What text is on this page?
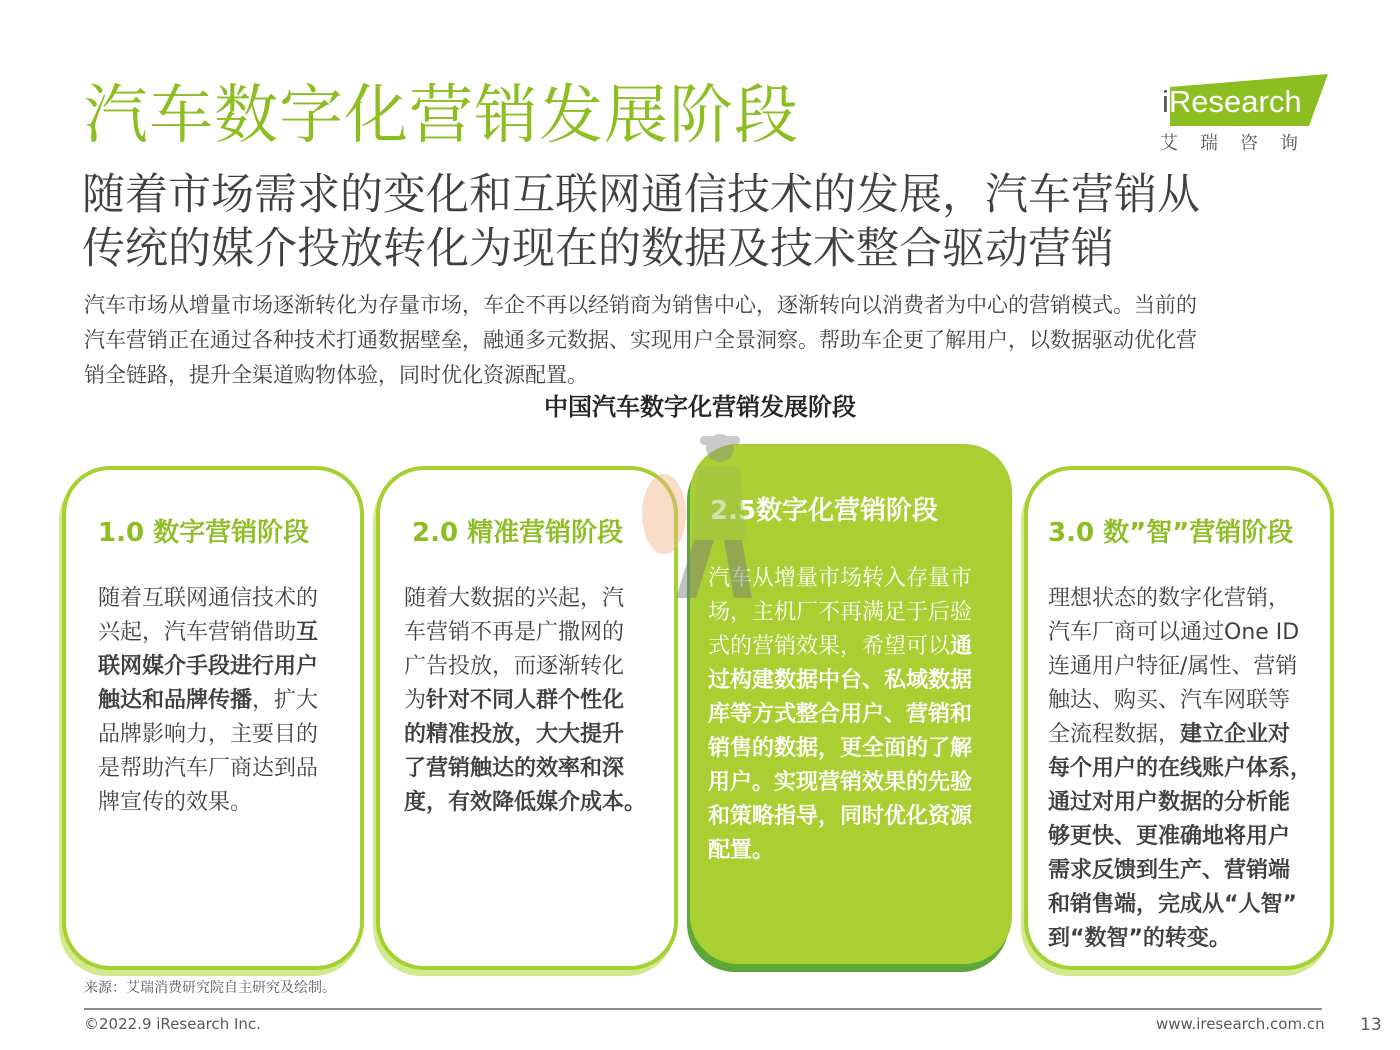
汽车数字化营销发展阶段	iResearch
艾瑞咨询
随着市场需求的变化和互联网通信技术的发展，汽车营销从
传统的媒介投放转化为现在的数据及技术整合驱动营销
汽车市场从增量市场逐渐转化为存量市场，车企不再以经销商为销售中心，逐渐转向以消费者为中心的营销模式。当前的
汽车营销正在通过各种技术打通数据壁垒，融通多元数据、实现用户全景洞察。帮助车企更了解用户，以数据驱动优化营
销全链路，提升全渠道购物体验，同时优化资源配置。
中国汽车数字化营销发展阶段
1.0 数字营销阶段
随着互联网通信技术的
兴起，汽车营销借助互
联网媒介手段进行用户
触达和品牌传播，扩大
品牌影响力，主要目的
是帮助汽车厂商达到品
牌宣传的效果。
2.0 精准营销阶段
随着大数据的兴起，汽
车营销不再是广撒网的
广告投放，而逐渐转化
为针对不同人群个性化
的精准投放，大大提升
了营销触达的效率和深
度，有效降低媒介成本。
2.5数字化营销阶段
汽车从增量市场转入存量市
场，主机厂不再满足于后验
式的营销效果，希望可以通
过构建数据中台、私域数据
库等方式整合用户、营销和
销售的数据，更全面的了解
用户。实现营销效果的先验
和策略指导，同时优化资源
配置。
3.0 数”智”营销阶段
理想状态的数字化营销，
汽车厂商可以通过One ID
连通用户特征/属性、营销
触达、购买、汽车网联等
全流程数据，建立企业对
每个用户的在线账户体系，
通过对用户数据的分析能
够更快、更准确地将用户
需求反馈到生产、营销端
和销售端，完成从“人智”
到“数智”的转变。
来源：艾瑞消费研究院自主研究及绘制。
©2022.9 iResearch Inc.	www.iresearch.com.cn 13
